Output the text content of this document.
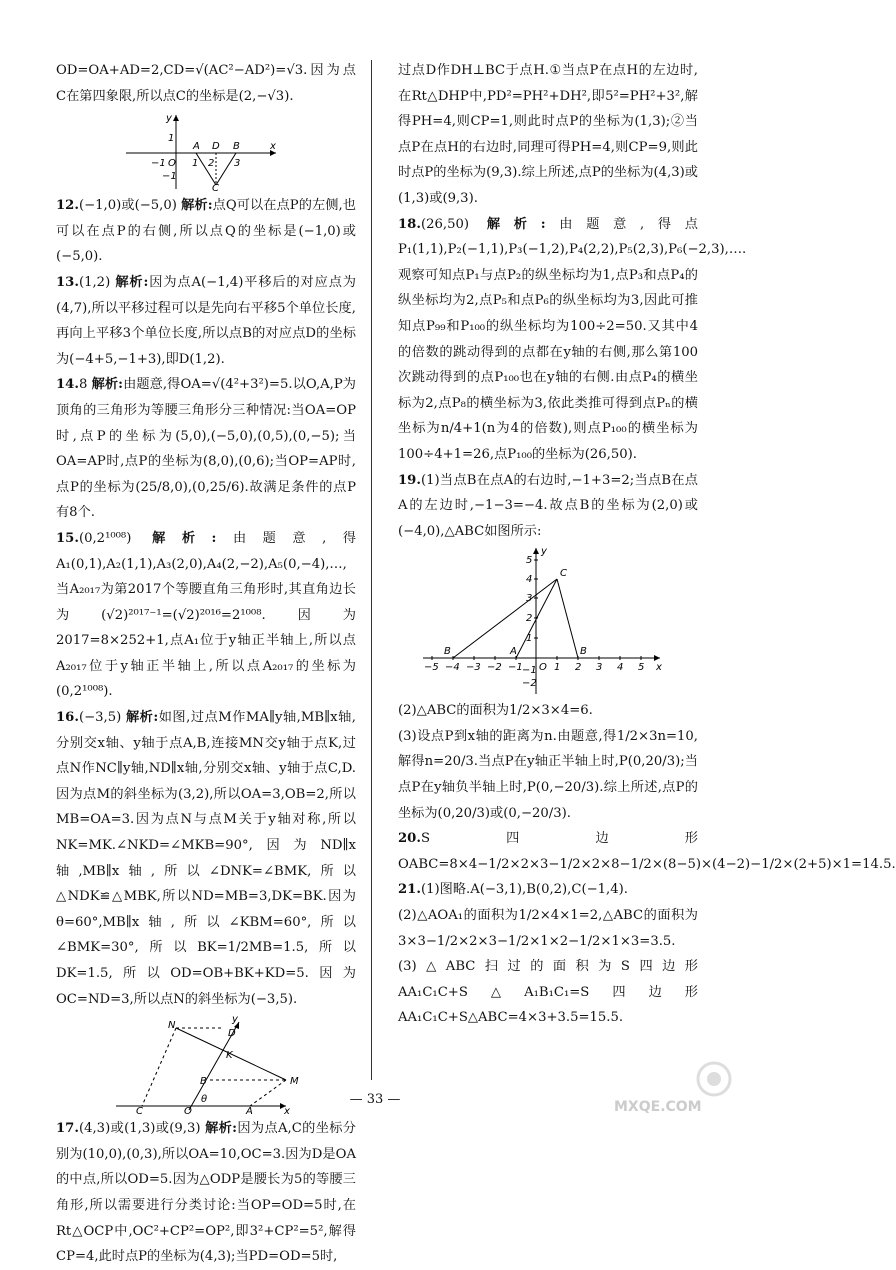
OD=OA+AD=2,CD=√(AC²−AD²)=√3.因为点C在第四象限,所以点C的坐标是(2,−√3).

y
1
−1 O
A D B
1 2 3
x
−1
C

12.(−1,0)或(−5,0) 解析:点Q可以在点P的左侧,也可以在点P的右侧,所以点Q的坐标是(−1,0)或(−5,0).

13.(1,2) 解析:因为点A(−1,4)平移后的对应点为(4,7),所以平移过程可以是先向右平移5个单位长度,再向上平移3个单位长度,所以点B的对应点D的坐标为(−4+5,−1+3),即D(1,2).

14.8 解析:由题意,得OA=√(4²+3²)=5.以O,A,P为顶角的三角形为等腰三角形分三种情况:当OA=OP时,点P的坐标为(5,0),(−5,0),(0,5),(0,−5);当OA=AP时,点P的坐标为(8,0),(0,6);当OP=AP时,点P的坐标为(25/8,0),(0,25/6).故满足条件的点P有8个.

15.(0,2¹⁰⁰⁸) 解析:由题意,得A₁(0,1),A₂(1,1),A₃(2,0),A₄(2,−2),A₅(0,−4),…,当A₂₀₁₇为第2017个等腰直角三角形时,其直角边长为(√2)²⁰¹⁷⁻¹=(√2)²⁰¹⁶=2¹⁰⁰⁸.因为2017=8×252+1,点A₁位于y轴正半轴上,所以点A₂₀₁₇位于y轴正半轴上,所以点A₂₀₁₇的坐标为(0,2¹⁰⁰⁸).

16.(−3,5) 解析:如图,过点M作MA∥y轴,MB∥x轴,分别交x轴、y轴于点A,B,连接MN交y轴于点K,过点N作NC∥y轴,ND∥x轴,分别交x轴、y轴于点C,D.因为点M的斜坐标为(3,2),所以OA=3,OB=2,所以MB=OA=3.因为点N与点M关于y轴对称,所以NK=MK.∠NKD=∠MKB=90°,因为ND∥x轴,MB∥x轴,所以∠DNK=∠BMK,所以△NDK≌△MBK,所以ND=MB=3,DK=BK.因为θ=60°,MB∥x轴,所以∠KBM=60°,所以∠BMK=30°,所以BK=1/2MB=1.5,所以DK=1.5,所以OD=OB+BK+KD=5.因为OC=ND=3,所以点N的斜坐标为(−3,5).

N
y
D
K
B	M
θ
C	O	A	x

17.(4,3)或(1,3)或(9,3) 解析:因为点A,C的坐标分别为(10,0),(0,3),所以OA=10,OC=3.因为D是OA的中点,所以OD=5.因为△ODP是腰长为5的等腰三角形,所以需要进行分类讨论:当OP=OD=5时,在Rt△OCP中,OC²+CP²=OP²,即3²+CP²=5²,解得CP=4,此时点P的坐标为(4,3);当PD=OD=5时,

过点D作DH⊥BC于点H.①当点P在点H的左边时,在Rt△DHP中,PD²=PH²+DH²,即5²=PH²+3²,解得PH=4,则CP=1,则此时点P的坐标为(1,3);②当点P在点H的右边时,同理可得PH=4,则CP=9,则此时点P的坐标为(9,3).综上所述,点P的坐标为(4,3)或(1,3)或(9,3).

18.(26,50) 解析:由题意,得点P₁(1,1),P₂(−1,1),P₃(−1,2),P₄(2,2),P₅(2,3),P₆(−2,3),….观察可知点P₁与点P₂的纵坐标均为1,点P₃和点P₄的纵坐标均为2,点P₅和点P₆的纵坐标均为3,因此可推知点P₉₉和P₁₀₀的纵坐标均为100÷2=50.又其中4的倍数的跳动得到的点都在y轴的右侧,那么第100次跳动得到的点P₁₀₀也在y轴的右侧.由点P₄的横坐标为2,点P₈的横坐标为3,依此类推可得到点Pₙ的横坐标为n/4+1(n为4的倍数),则点P₁₀₀的横坐标为100÷4+1=26,点P₁₀₀的坐标为(26,50).

19.(1)当点B在点A的右边时,−1+3=2;当点B在点A的左边时,−1−3=−4.故点B的坐标为(2,0)或(−4,0),△ABC如图所示:

5
4
3
2
1
−1
−2
−5 −4 −3 −2 −1	1 2 3 4 5
y
x
O
A
B	B
C

(2)△ABC的面积为1/2×3×4=6.

(3)设点P到x轴的距离为n.由题意,得1/2×3n=10,解得n=20/3.当点P在y轴正半轴上时,P(0,20/3);当点P在y轴负半轴上时,P(0,−20/3).综上所述,点P的坐标为(0,20/3)或(0,−20/3).

20.S四边形OABC=8×4−1/2×2×3−1/2×2×8−1/2×(8−5)×(4−2)−1/2×(2+5)×1=14.5.

21.(1)图略.A(−3,1),B(0,2),C(−1,4).

(2)△AOA₁的面积为1/2×4×1=2,△ABC的面积为3×3−1/2×2×3−1/2×1×2−1/2×1×3=3.5.

(3)△ABC扫过的面积为S四边形AA₁C₁C+S△A₁B₁C₁=S四边形AA₁C₁C+S△ABC=4×3+3.5=15.5.

— 33 —	MXQE.COM
